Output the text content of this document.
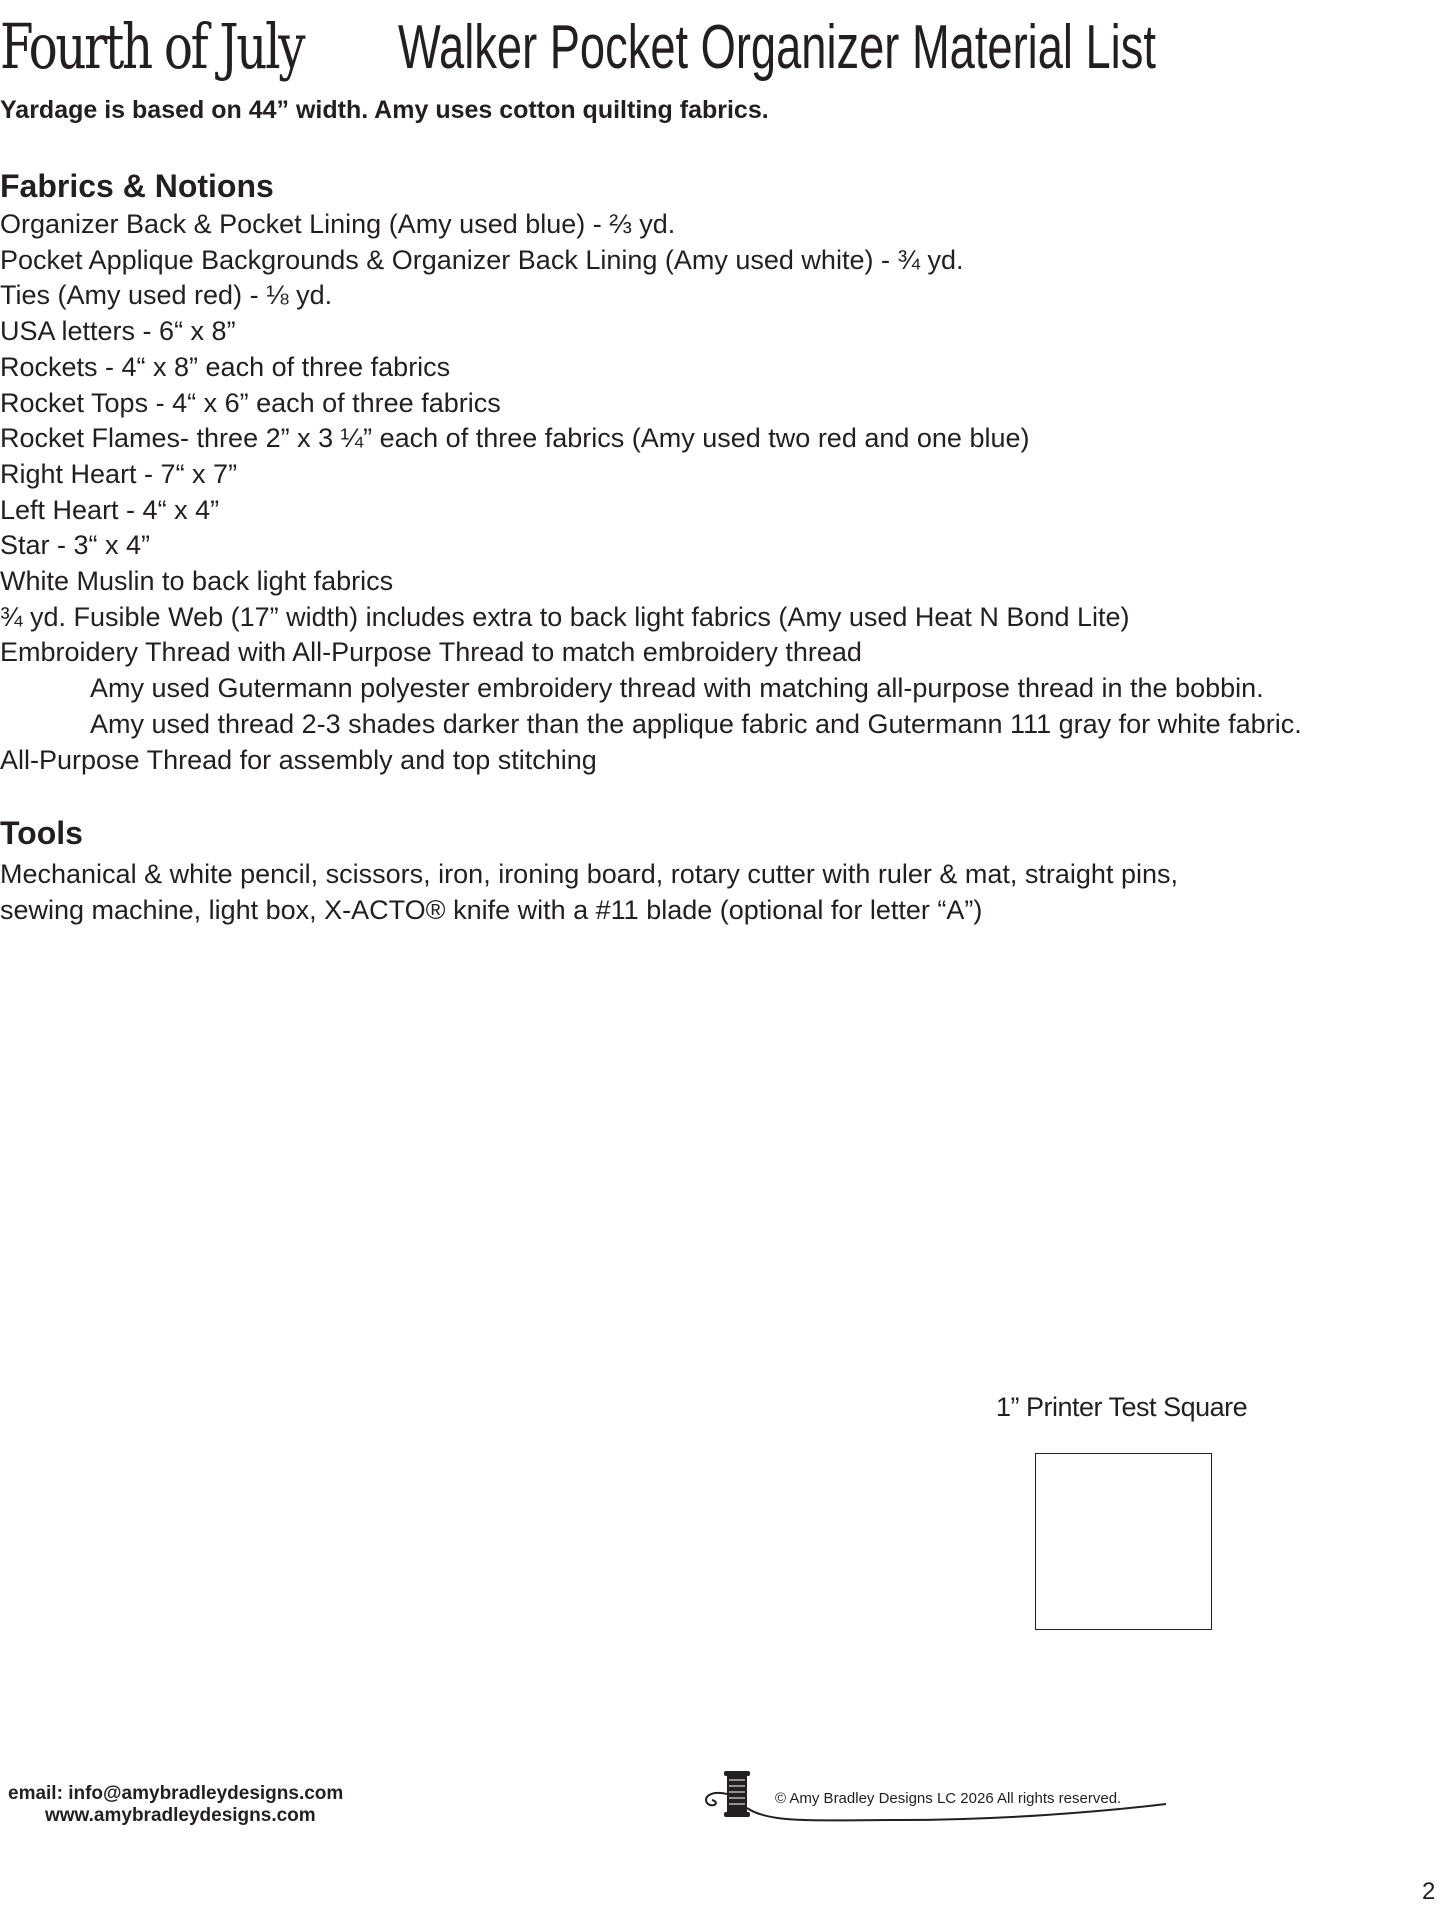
Fourth of July	Walker Pocket Organizer Material List
Yardage is based on 44” width. Amy uses cotton quilting fabrics.
Fabrics & Notions
Organizer Back & Pocket Lining (Amy used blue) - ⅔ yd.
Pocket Applique Backgrounds & Organizer Back Lining (Amy used white) - ¾ yd.
Ties (Amy used red) - ⅛ yd.
USA letters - 6“ x 8”
Rockets - 4“ x 8” each of three fabrics
Rocket Tops - 4“ x 6” each of three fabrics
Rocket Flames- three 2” x 3 ¼” each of three fabrics (Amy used two red and one blue)
Right Heart - 7“ x 7”
Left Heart - 4“ x 4”
Star - 3“ x 4”
White Muslin to back light fabrics
¾ yd. Fusible Web (17” width) includes extra to back light fabrics (Amy used Heat N Bond Lite)
Embroidery Thread with All-Purpose Thread to match embroidery thread
Amy used Gutermann polyester embroidery thread with matching all-purpose thread in the bobbin.
Amy used thread 2-3 shades darker than the applique fabric and Gutermann 111 gray for white fabric.
All-Purpose Thread for assembly and top stitching
Tools
Mechanical & white pencil, scissors, iron, ironing board, rotary cutter with ruler & mat, straight pins,
sewing machine, light box, X-ACTO® knife with a #11 blade (optional for letter “A”)
1” Printer Test Square
email: info@amybradleydesigns.com
www.amybradleydesigns.com
© Amy Bradley Designs LC 2026 All rights reserved.
2
